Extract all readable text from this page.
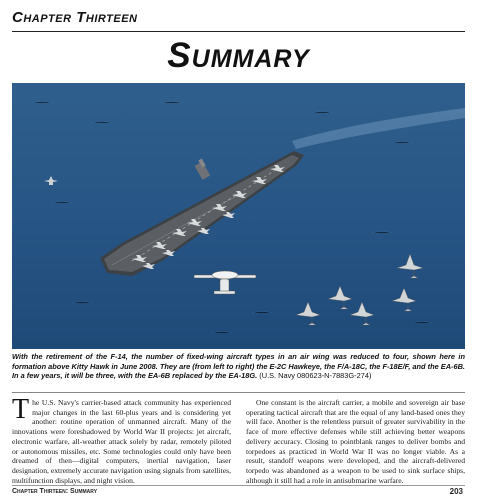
Chapter Thirteen
Summary
With the retirement of the F-14, the number of fixed-wing aircraft types in an air wing was reduced to four, shown here in formation above Kitty Hawk in June 2008. They are (from left to right) the E-2C Hawkeye, the F/A-18C, the F-18E/F, and the EA-6B. In a few years, it will be three, with the EA-6B replaced by the EA-18G. (U.S. Navy 080623-N-7883G-274)
The U.S. Navy's carrier-based attack community has experienced major changes in the last 60-plus years and is considering yet another: routine operation of unmanned aircraft. Many of the innovations were foreshadowed by World War II projects: jet aircraft, electronic warfare, all-weather attack solely by radar, remotely piloted or autonomous missiles, etc. Some technologies could only have been dreamed of then—digital computers, inertial navigation, laser designation, extremely accurate navigation using signals from satellites, multifunction displays, and night vision.
One constant is the aircraft carrier, a mobile and sovereign air base operating tactical aircraft that are the equal of any land-based ones they will face. Another is the relentless pursuit of greater survivability in the face of more effective defenses while still achieving better weapons delivery accuracy. Closing to pointblank ranges to deliver bombs and torpedoes as practiced in World War II was no longer viable. As a result, standoff weapons were developed, and the aircraft-delivered torpedo was abandoned as a weapon to be used to sink surface ships, although it still had a role in antisubmarine warfare.
Chapter Thirteen: Summary	203
